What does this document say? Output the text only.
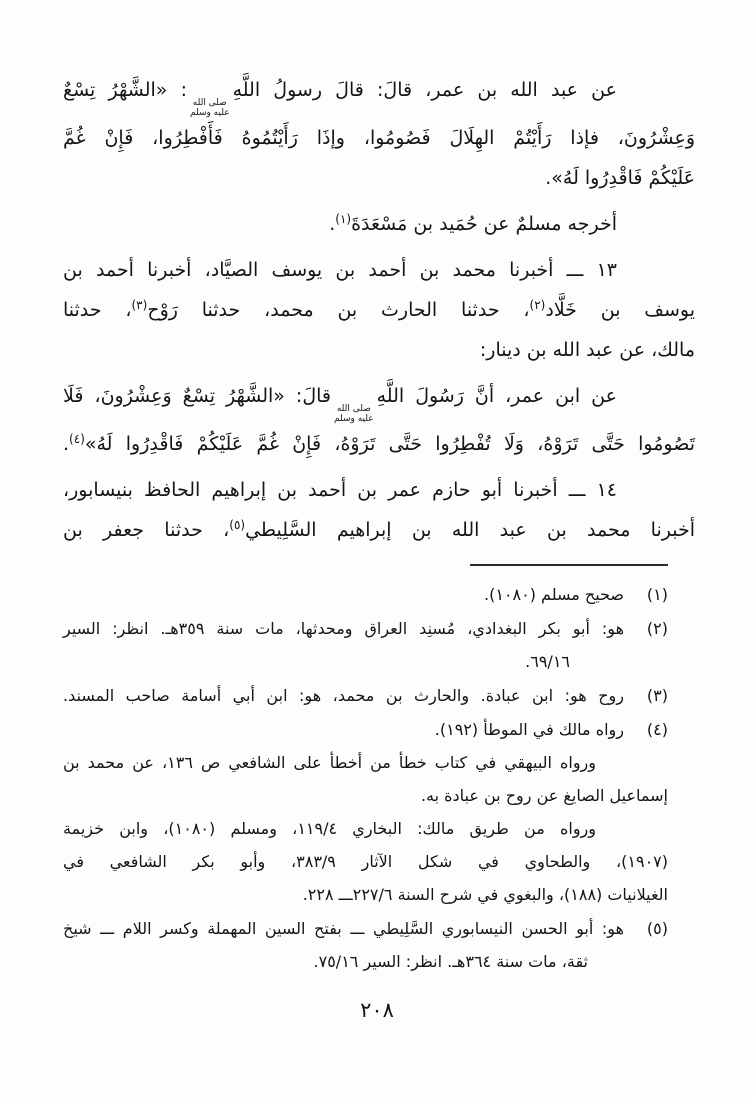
عن عبد الله بن عمر، قالَ: قالَ رسولُ اللَّهِ
صلى الله
عليه وسلم
: «الشَّهْرُ تِسْعٌ
وَعِشْرُونَ، فإذا رَأَيْتُمْ الهِلَالَ فَصُومُوا، وإذَا رَأَيْتُمُوهُ فَأَفْطِرُوا، فَإِنْ غُمَّ
عَلَيْكُمْ فَاقْدِرُوا لَهُ».
أخرجه مسلمٌ عن حُمَيد بن مَسْعَدَةَ$^{(١)}$.
١٣ ـــ أخبرنا محمد بن أحمد بن يوسف الصيَّاد، أخبرنا أحمد بن
يوسف بن خَلَّاد$^{(٢)}$، حدثنا الحارث بن محمد، حدثنا رَوْح$^{(٣)}$، حدثنا
مالك، عن عبد الله بن دينار:
عن ابن عمر، أنَّ رَسُولَ اللَّهِ
صلى الله
عليه وسلم
قالَ: «الشَّهْرُ تِسْعٌ وَعِشْرُونَ، فَلَا
تَصُومُوا حَتَّى تَرَوْهُ، وَلَا تُفْطِرُوا حَتَّى تَرَوْهُ، فَإِنْ غُمَّ عَلَيْكُمْ فَاقْدِرُوا لَهُ»$^{(٤)}$.
١٤ ـــ أخبرنا أبو حازم عمر بن أحمد بن إبراهيم الحافظ بنيسابور،
أخبرنا محمد بن عبد الله بن إبراهيم السَّلِيطي$^{(٥)}$، حدثنا جعفر بن
(١)
صحيح مسلم (١٠٨٠).
(٢)
هو: أبو بكر البغدادي، مُسنِد العراق ومحدثها، مات سنة ٣٥٩هـ. انظر: السير
٦٩/١٦.
(٣)
روح هو: ابن عبادة. والحارث بن محمد، هو: ابن أبي أسامة صاحب المسند.
(٤)
رواه مالك في الموطأ (١٩٢).
ورواه البيهقي في كتاب خطأ من أخطأ على الشافعي ص ١٣٦، عن محمد بن
إسماعيل الصايغ عن روح بن عبادة به.
ورواه من طريق مالك: البخاري ١١٩/٤، ومسلم (١٠٨٠)، وابن خزيمة
(١٩٠٧)، والطحاوي في شكل الآثار ٣٨٣/٩، وأبو بكر الشافعي في
الغيلانيات (١٨٨)، والبغوي في شرح السنة ٢٢٧/٦ـــ ٢٢٨.
(٥)
هو: أبو الحسن النيسابوري السَّلِيطي ـــ بفتح السين المهملة وكسر اللام ـــ شيخ
ثقة، مات سنة ٣٦٤هـ. انظر: السير ٧٥/١٦.
٢٠٨
